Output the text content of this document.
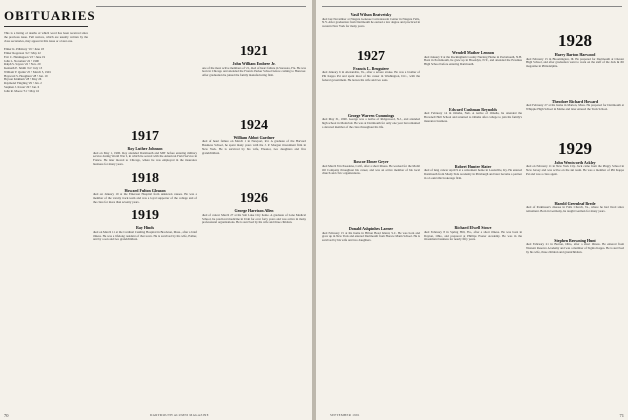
OBITUARIES

This is a listing of deaths of which word has been received since the previous issue. Full notices, which are usually written by the class secretaries, may appear in this issue or a later one.

Elmer K. Pillsbury '19 • June 18

Elmer Rogerson '22 • May 22

Eric C. Hanmugson '23 • June 19

John L. Noroman '22 • 1990

Ralph S. Sayres '22 • Nov. 20

Kenneth E. Smith '24 • July 13

William Y. Quinn '25 • March 5, 1991

Hayward S. Houghton '28 • Jan. 19

Bryson Kirkham '28 • May 26

Raymond Yingling '29 • Jan. 2

Stephen J. Kwan '29 • Jan. 6

John R. Moore '31 • May 16

1917
Roy Luther Johnson

died on May 1, 1990. Roy attended Dartmouth and MIT before entering military service during World War I, in which he served with the American Field Service in France. He later moved to Chicago, where he was employed in the insurance business for many years.

1918
Howard Fulton Gleason

died on January 19 at the Emerson Hospital from unknown causes. He was a member of the varsity track team and was a loyal supporter of the college and of the class for more than seventy years.

1919
Ray Hinds

died on March 11 at the Cardinal Cushing Hospital in Brockton, Mass., after a brief illness. He was a lifelong resident of that town. He is survived by his wife, Esther, and by a son and two grandchildren.

1921
John William Embree Jr.

one of the most active members of '21, died of heart failure in Sarasota, Fla. He was born in Chicago and attended the Francis Parker School before coming to Hanover. After graduation he joined the family manufacturing firm.

1924
William Abbot Gardner

died of heart failure on March 1 in Newport, R.I. A graduate of the Harvard Business School, he spent many years with the J. P. Morgan investment firm in New York. He is survived by his wife, Eleanor, two daughters and five grandchildren.

1926
George Harrison Allen

died of cancer March 27 at his Salt Lake City home. A graduate of Lane Medical School, he practiced medicine in Utah for over forty years and was active in many professional organizations. He is survived by his wife and three children.

70	DARTMOUTH ALUMNI MAGAZINE
Vasil Wilson Bratvetsky

died last November at Niagara Genesee Convalescent Center in Niagara Falls, N.Y. After graduation from Dartmouth he earned a law degree and practiced in western New York for many years.

1927
Francis L. Bruguiere

died January 6 in Alexandria, Va., after a severe stroke. He was a brother of Phi Kappa Psi and spent most of his career in Washington, D.C., with the federal government. He leaves his wife and two sons.

George Warren Cummings

died May 31, 1990. George was a native of Ridgewood, N.J., and attended high school in Montclair. He was at Dartmouth for only one year but remained a devoted member of the class throughout his life.

Roscoe Elmer Geyer

died March 8 in Pasadena, Calif., after a short illness. He worked for the Mobil Oil Company throughout his career, and was an active member of his local church and civic organizations.

Donald Ashpinhes Larner

died February 15 at his home in Hilton Head Island, S.C. He was born and grew up in New York and entered Dartmouth from Horace Mann School. He is survived by his wife and two daughters.

Wendell Mather Lennon

died January 9 at the Rockingham County Nursing Home in Portsmouth, N.H. Born in Portsmouth, he grew up in Brooklyn, N.Y., and attended the Erasmus High School before entering Dartmouth.

Edward Cushman Reynolds

died February 14 in Omaha, Neb. A native of Omaha, he attended the Brownell Hall School and returned to Omaha after college to join his family's insurance business.

Robert Hunter Slater

died of lung cancer April 9 at a retirement home in Louisville, Ky. He entered Dartmouth from Shady Side Academy in Pittsburgh and later became a partner in a Louisville brokerage firm.

Richard Elwell Stowe

died February 8 in Spring Hill, Fla., after a short illness. He was born in Dayton, Ohio, and prepared at Phillips Exeter Academy. He was in the investment business for nearly fifty years.

1928
Harry Barton Harwood

died February 15 in Bloomington, Ill. He prepared for Dartmouth at Chester High School, and after graduation went to work on the staff of the Jack & Jill magazine in Philadelphia.

Theodore Richard Howard

died February 27 at his home in Marion, Mass. He prepared for Dartmouth at Whipple High School in Maine and later entered the Tuck School.

1929
John Wentworth Ackley

died on February 11 in New York City. Jack came from the Pingry School in New Jersey and was active on the ski team. He was a member of Phi Kappa Psi and was a class agent.

Harold Greenleaf Brede

died of Parkinson's disease in Falls Church, Va., where he had lived since retirement. Born in Germany, he taught German for many years.

Stephen Browning Hunt

died February 21 in Burton, Ohio, after a short illness. He entered from Western Reserve Academy and was a member of Sigma Kappa. He is survived by his wife, three children and grandchildren.

SEPTEMBER 1991	71
